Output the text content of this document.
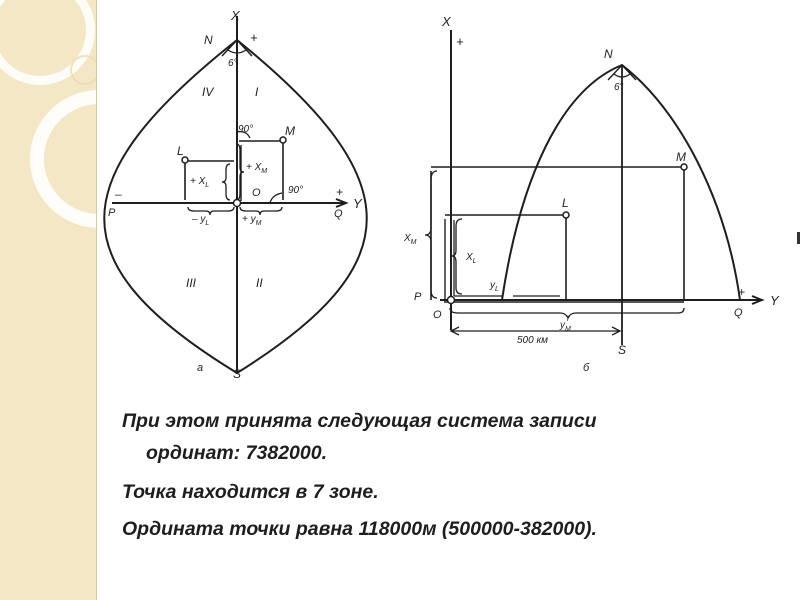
X
+
N
6°
IV	I
90°	M
L
+ $X_L$
+ $X_M$
O	90°
–	+
Y
P	Q
– $y_L$	+ $y_M$
III	II
S
а
X
+
N
6°
M
L
$X_M$
$X_L$
$y_L$
P
O
+
Y
Q
$y_Mr$
500 км
S
б
При этом принята следующая система записи
ординат: 7382000.
Точка находится в 7 зоне.
Ордината точки равна 118000м (500000-382000).
